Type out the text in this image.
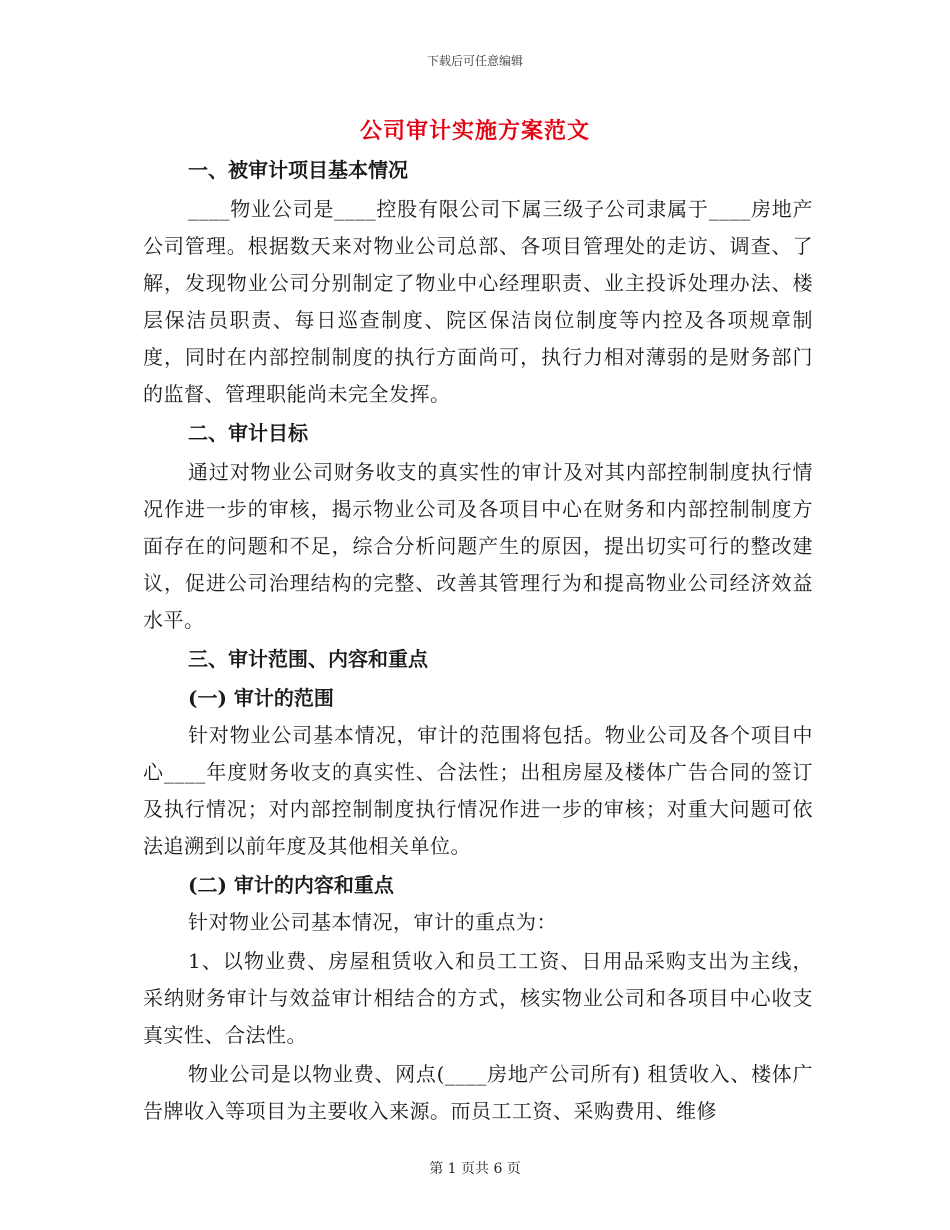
下载后可任意编辑
公司审计实施方案范文
一、被审计项目基本情况
____物业公司是____控股有限公司下属三级子公司隶属于____房地产公司管理。根据数天来对物业公司总部、各项目管理处的走访、调查、了解，发现物业公司分别制定了物业中心经理职责、业主投诉处理办法、楼层保洁员职责、每日巡查制度、院区保洁岗位制度等内控及各项规章制度，同时在内部控制制度的执行方面尚可，执行力相对薄弱的是财务部门的监督、管理职能尚未完全发挥。
二、审计目标
通过对物业公司财务收支的真实性的审计及对其内部控制制度执行情况作进一步的审核，揭示物业公司及各项目中心在财务和内部控制制度方面存在的问题和不足，综合分析问题产生的原因，提出切实可行的整改建议，促进公司治理结构的完整、改善其管理行为和提高物业公司经济效益水平。
三、审计范围、内容和重点
(一) 审计的范围
针对物业公司基本情况，审计的范围将包括。物业公司及各个项目中心____年度财务收支的真实性、合法性；出租房屋及楼体广告合同的签订及执行情况；对内部控制制度执行情况作进一步的审核；对重大问题可依法追溯到以前年度及其他相关单位。
(二) 审计的内容和重点
针对物业公司基本情况，审计的重点为：
1、以物业费、房屋租赁收入和员工工资、日用品采购支出为主线，采纳财务审计与效益审计相结合的方式，核实物业公司和各项目中心收支真实性、合法性。
物业公司是以物业费、网点(____房地产公司所有) 租赁收入、楼体广告牌收入等项目为主要收入来源。而员工工资、采购费用、维修
第 1 页共 6 页
